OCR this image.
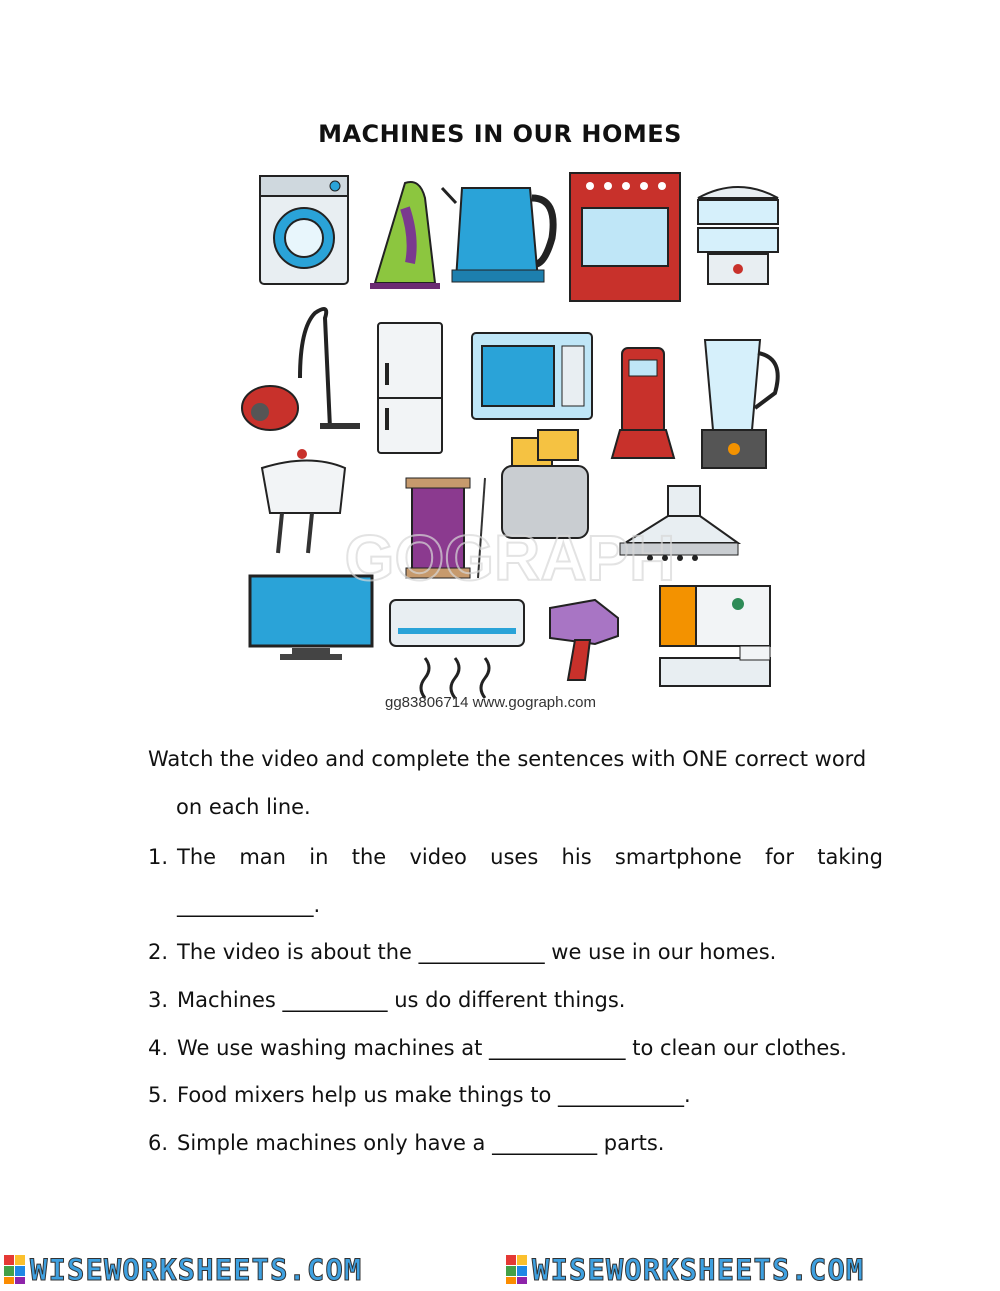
MACHINES IN OUR HOMES
GOGRAPH
gg83806714 www.gograph.com
Watch the video and complete the sentences with ONE correct word
on each line.
1. The man in the video uses his smartphone for taking
_____________.
2. The video is about the ____________ we use in our homes.
3. Machines __________ us do different things.
4. We use washing machines at _____________ to clean our clothes.
5. Food mixers help us make things to ____________.
6. Simple machines only have a __________ parts.
WISEWORKSHEETS.COM	WISEWORKSHEETS.COM
